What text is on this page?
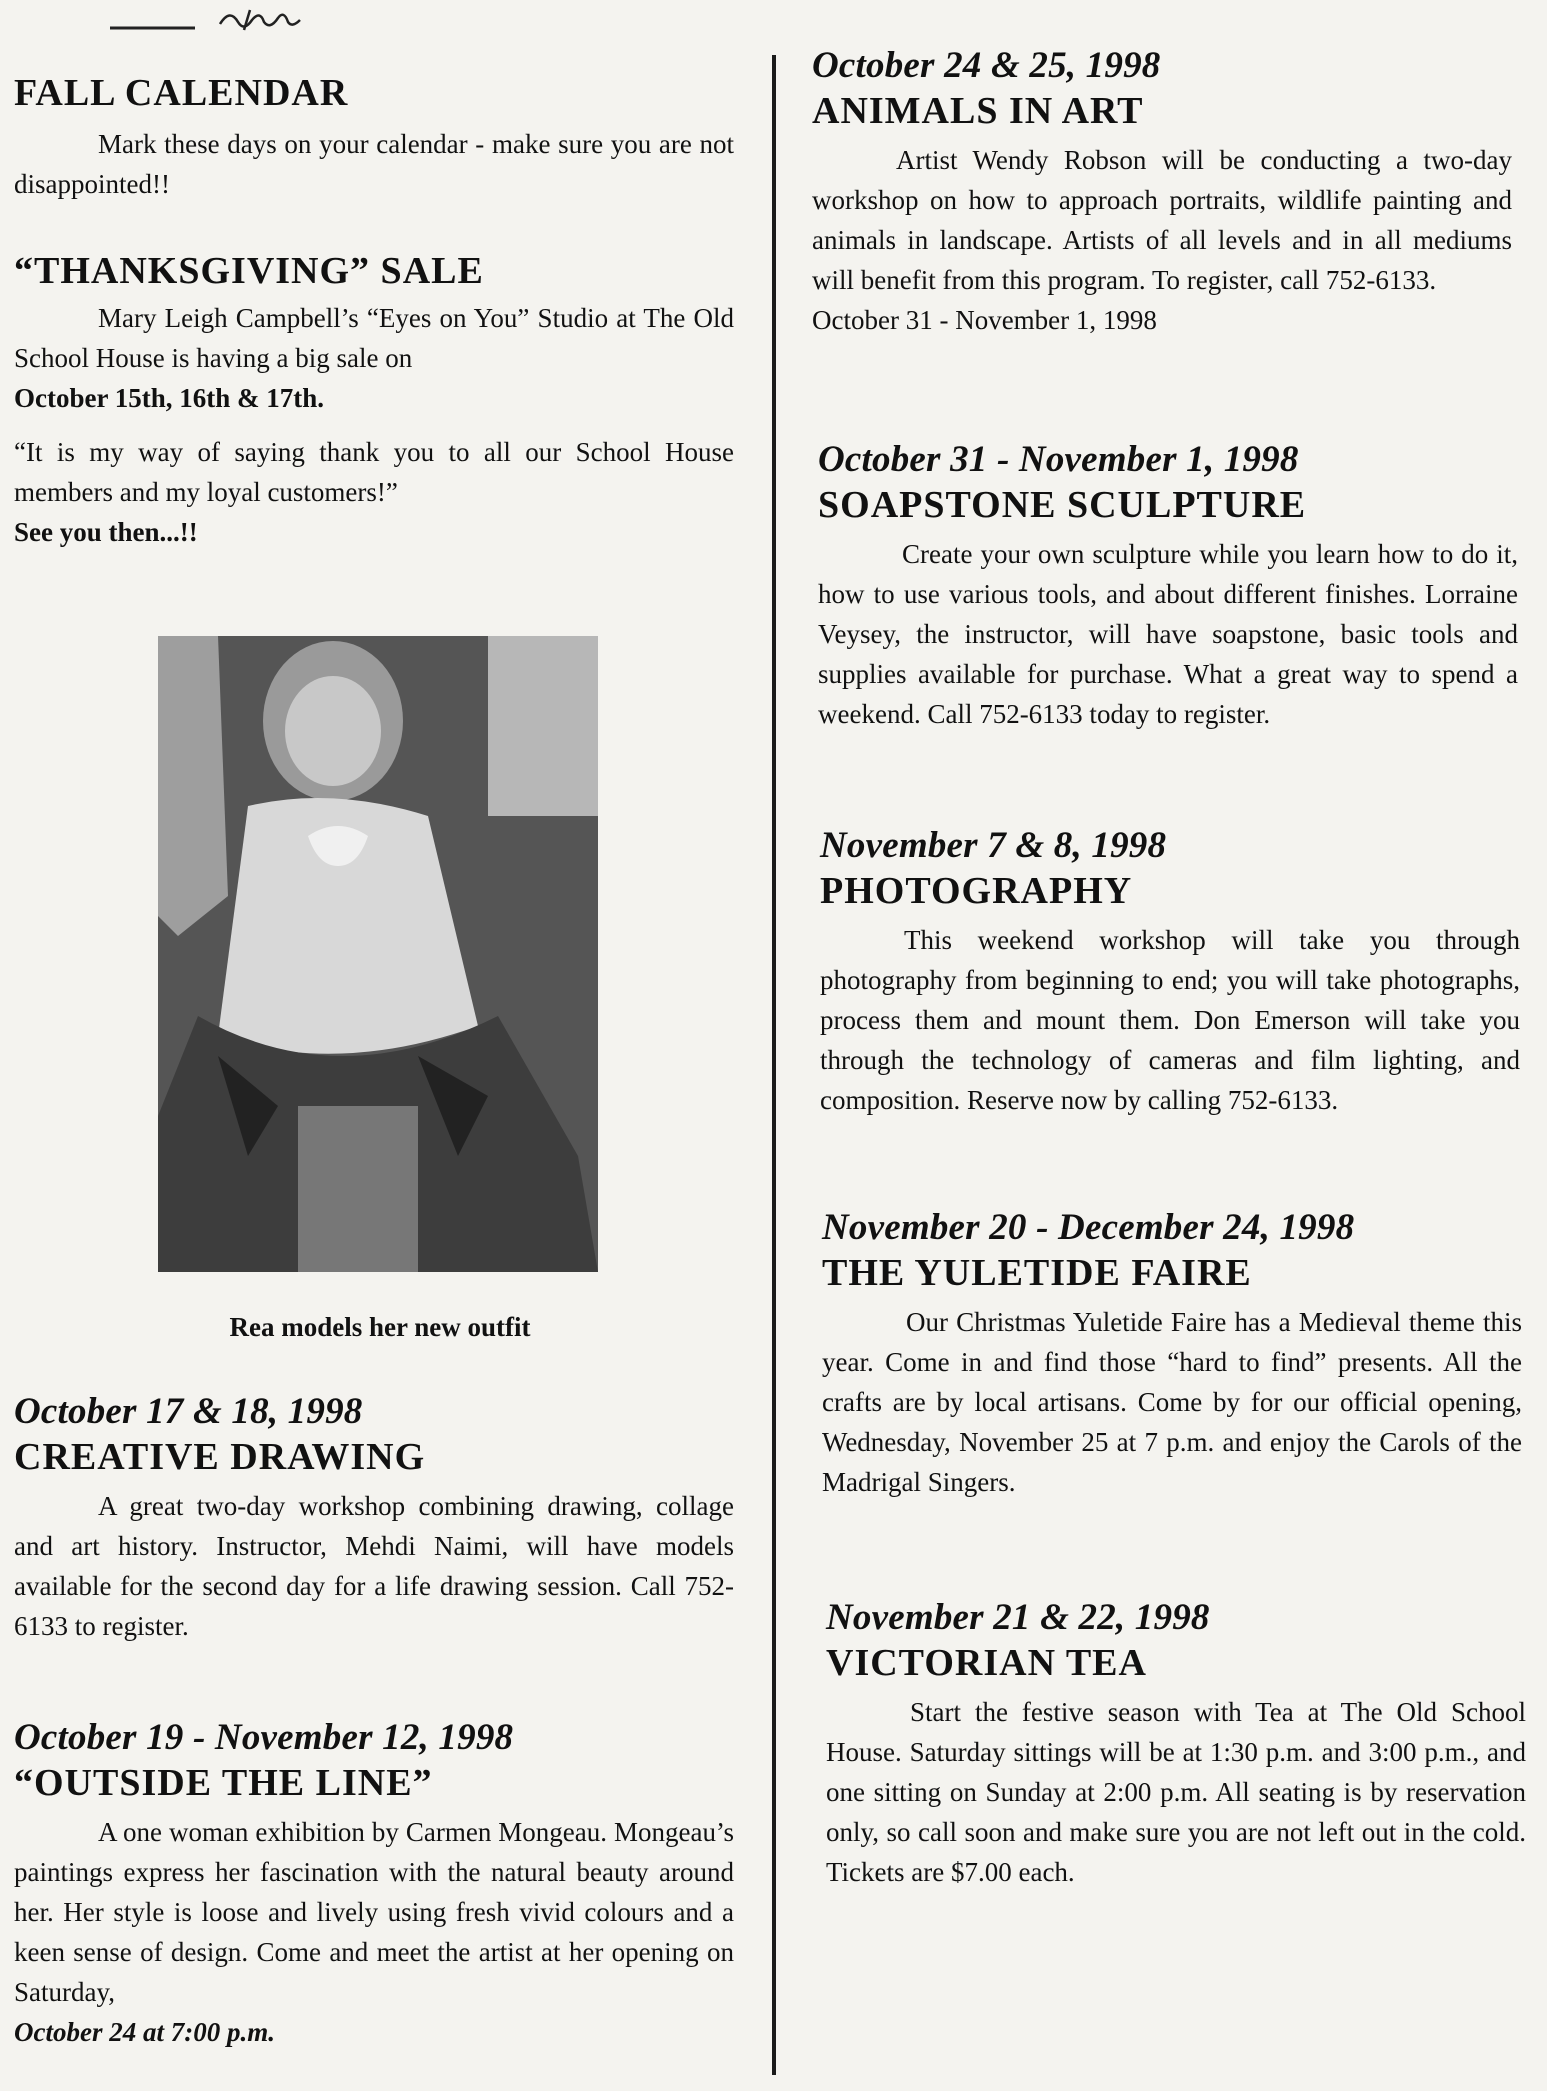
FALL CALENDAR

Mark these days on your calendar - make sure you are not disappointed!!

“THANKSGIVING” SALE

Mary Leigh Campbell’s “Eyes on You” Studio at The Old School House is having a big sale on

October 15th, 16th & 17th.

“It is my way of saying thank you to all our School House members and my loyal customers!”

See you then...!!

October 17 & 18, 1998

CREATIVE DRAWING

A great two-day workshop combining drawing, collage and art history. Instructor, Mehdi Naimi, will have models available for the second day for a life drawing session. Call 752-6133 to register.

October 19 - November 12, 1998

“OUTSIDE THE LINE”

A one woman exhibition by Carmen Mongeau. Mongeau’s paintings express her fascination with the natural beauty around her. Her style is loose and lively using fresh vivid colours and a keen sense of design. Come and meet the artist at her opening on Saturday,

October 24 at 7:00 p.m.

Rea models her new outfit

October 24 & 25, 1998

ANIMALS IN ART

Artist Wendy Robson will be conducting a two-day workshop on how to approach portraits, wildlife painting and animals in landscape. Artists of all levels and in all mediums will benefit from this program. To register, call 752-6133.

October 31 - November 1, 1998

October 31 - November 1, 1998

SOAPSTONE SCULPTURE

Create your own sculpture while you learn how to do it, how to use various tools, and about different finishes. Lorraine Veysey, the instructor, will have soapstone, basic tools and supplies available for purchase. What a great way to spend a weekend. Call 752-6133 today to register.

November 7 & 8, 1998

PHOTOGRAPHY

This weekend workshop will take you through photography from beginning to end; you will take photographs, process them and mount them. Don Emerson will take you through the technology of cameras and film lighting, and composition. Reserve now by calling 752-6133.

November 20 - December 24, 1998

THE YULETIDE FAIRE

Our Christmas Yuletide Faire has a Medieval theme this year. Come in and find those “hard to find” presents. All the crafts are by local artisans. Come by for our official opening, Wednesday, November 25 at 7 p.m. and enjoy the Carols of the Madrigal Singers.

November 21 & 22, 1998

VICTORIAN TEA

Start the festive season with Tea at The Old School House. Saturday sittings will be at 1:30 p.m. and 3:00 p.m., and one sitting on Sunday at 2:00 p.m. All seating is by reservation only, so call soon and make sure you are not left out in the cold. Tickets are $7.00 each.
